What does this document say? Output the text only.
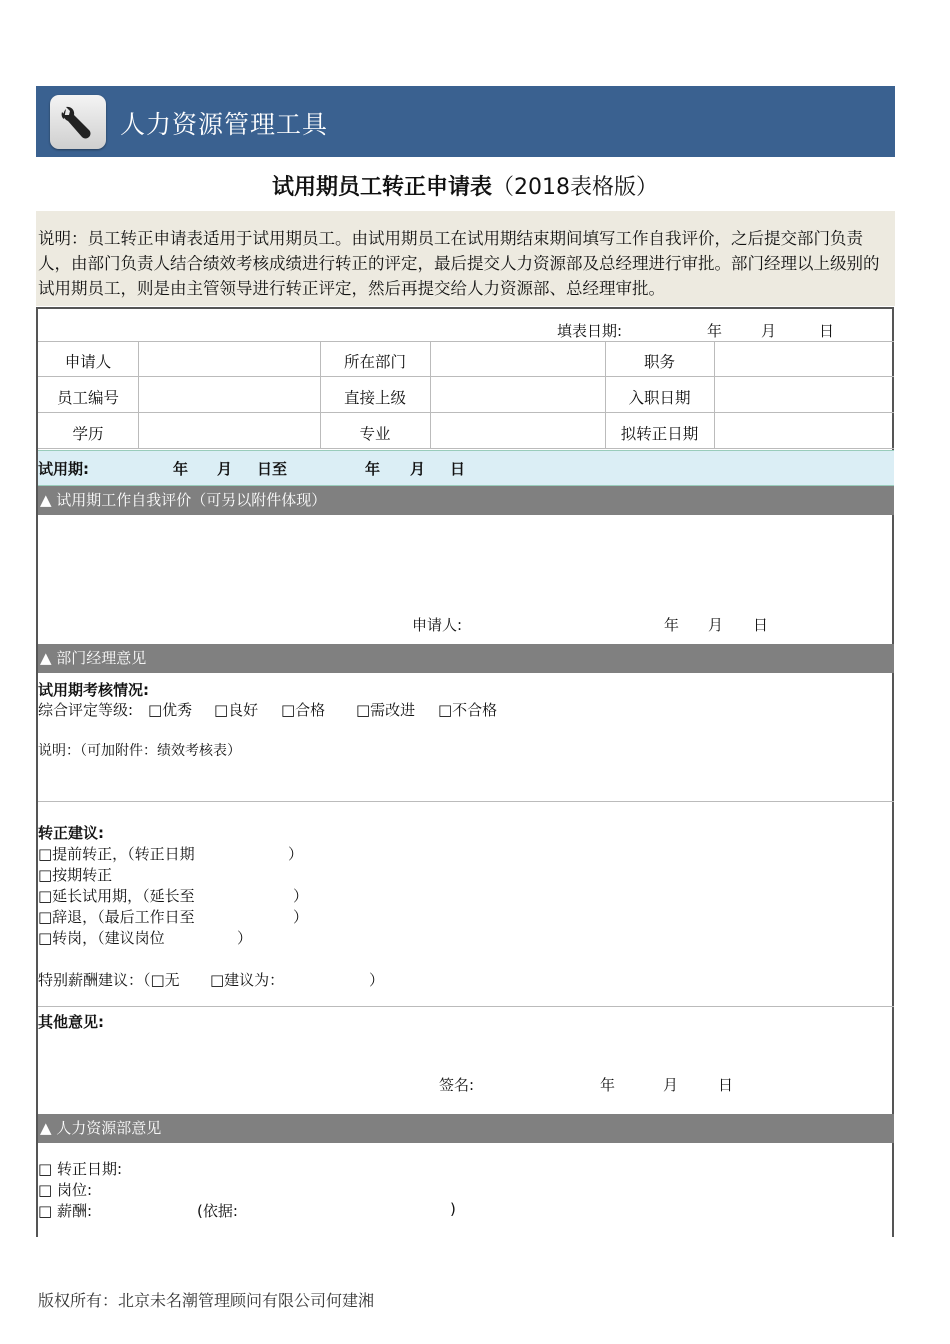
人力资源管理工具
试用期员工转正申请表（2018表格版）
说明：员工转正申请表适用于试用期员工。由试用期员工在试用期结束期间填写工作自我评价，之后提交部门负责人，由部门负责人结合绩效考核成绩进行转正的评定，最后提交人力资源部及总经理进行审批。部门经理以上级别的试用期员工，则是由主管领导进行转正评定，然后再提交给人力资源部、总经理审批。
填表日期:	年	月	日
申请人	所在部门	职务
员工编号	直接上级	入职日期
学历	专业	拟转正日期
试用期:	年 月 日至	年 月 日
▲ 试用期工作自我评价（可另以附件体现）
申请人:	年 月 日
▲ 部门经理意见
试用期考核情况:
综合评定等级: □优秀 □良好 □合格 □需改进 □不合格
说明：（可加附件：绩效考核表）
转正建议:
□提前转正，（转正日期	）
□按期转正
□延长试用期，（延长至	）
□辞退，（最后工作日至	）
□转岗，（建议岗位	）
特别薪酬建议：（□无 □建议为：	）
其他意见:
签名:	年	月	日
▲ 人力资源部意见
□ 转正日期:
□ 岗位:
□ 薪酬:	(依据:	)
版权所有：北京未名潮管理顾问有限公司何建湘
